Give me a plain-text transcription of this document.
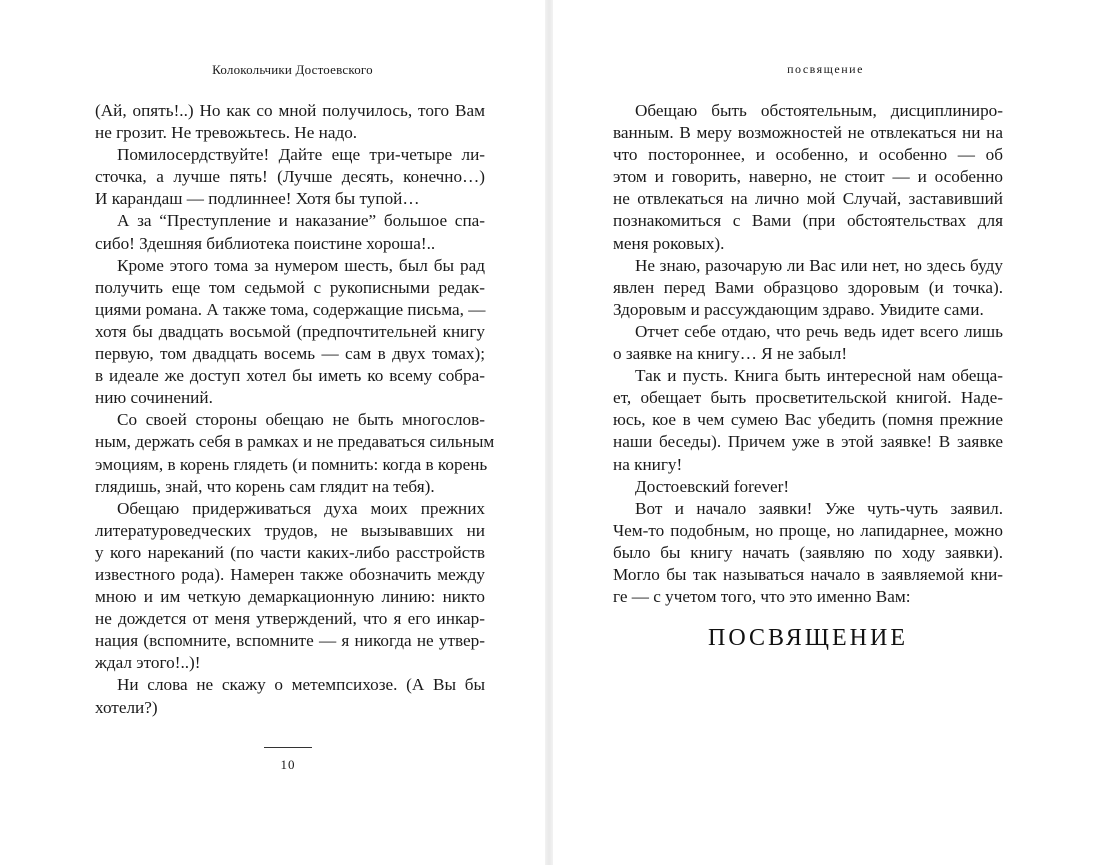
Колокольчики Достоевского
(Ай, опять!..) Но как со мной получилось, того Вам
не грозит. Не тревожьтесь. Не надо.
Помилосердствуйте! Дайте еще три-четыре ли-
сточка, а лучше пять! (Лучше десять, конечно…)
И карандаш — подлиннее! Хотя бы тупой…
А за “Преступление и наказание” большое спа-
сибо! Здешняя библиотека поистине хороша!..
Кроме этого тома за нумером шесть, был бы рад
получить еще том седьмой с рукописными редак-
циями романа. А также тома, содержащие письма, —
хотя бы двадцать восьмой (предпочтительней книгу
первую, том двадцать восемь — сам в двух томах);
в идеале же доступ хотел бы иметь ко всему собра-
нию сочинений.
Со своей стороны обещаю не быть многослов-
ным, держать себя в рамках и не предаваться сильным
эмоциям, в корень глядеть (и помнить: когда в корень
глядишь, знай, что корень сам глядит на тебя).
Обещаю придерживаться духа моих прежних
литературоведческих трудов, не вызывавших ни
у кого нареканий (по части каких-либо расстройств
известного рода). Намерен также обозначить между
мною и им четкую демаркационную линию: никто
не дождется от меня утверждений, что я его инкар-
нация (вспомните, вспомните — я никогда не утвер-
ждал этого!..)!
Ни слова не скажу о метемпсихозе. (А Вы бы
хотели?)
10
посвящение
Обещаю быть обстоятельным, дисциплиниро-
ванным. В меру возможностей не отвлекаться ни на
что постороннее, и особенно, и особенно — об
этом и говорить, наверно, не стоит — и особенно
не отвлекаться на лично мой Случай, заставивший
познакомиться с Вами (при обстоятельствах для
меня роковых).
Не знаю, разочарую ли Вас или нет, но здесь буду
явлен перед Вами образцово здоровым (и точка).
Здоровым и рассуждающим здраво. Увидите сами.
Отчет себе отдаю, что речь ведь идет всего лишь
о заявке на книгу… Я не забыл!
Так и пусть. Книга быть интересной нам обеща-
ет, обещает быть просветительской книгой. Наде-
юсь, кое в чем сумею Вас убедить (помня прежние
наши беседы). Причем уже в этой заявке! В заявке
на книгу!
Достоевский forever!
Вот и начало заявки! Уже чуть-чуть заявил.
Чем-то подобным, но проще, но лапидарнее, можно
было бы книгу начать (заявляю по ходу заявки).
Могло бы так называться начало в заявляемой кни-
ге — с учетом того, что это именно Вам:
ПОСВЯЩЕНИЕ
